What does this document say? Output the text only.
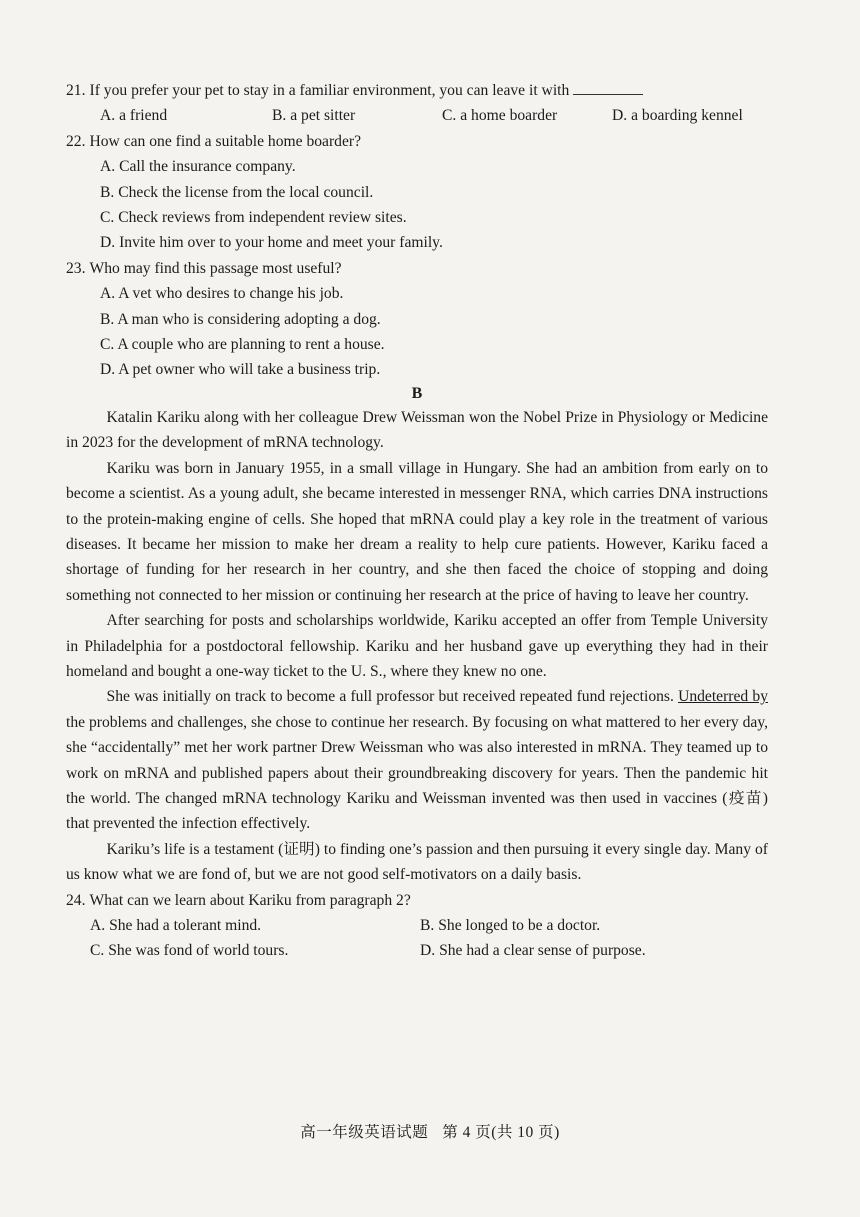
21. If you prefer your pet to stay in a familiar environment, you can leave it with

A. a friend	B. a pet sitter	C. a home boarder	D. a boarding kennel

22. How can one find a suitable home boarder?

A. Call the insurance company.
B. Check the license from the local council.
C. Check reviews from independent review sites.
D. Invite him over to your home and meet your family.

23. Who may find this passage most useful?

A. A vet who desires to change his job.
B. A man who is considering adopting a dog.
C. A couple who are planning to rent a house.
D. A pet owner who will take a business trip.

B

Katalin Kariku along with her colleague Drew Weissman won the Nobel Prize in Physiology or Medicine in 2023 for the development of mRNA technology.

Kariku was born in January 1955, in a small village in Hungary. She had an ambition from early on to become a scientist. As a young adult, she became interested in messenger RNA, which carries DNA instructions to the protein-making engine of cells. She hoped that mRNA could play a key role in the treatment of various diseases. It became her mission to make her dream a reality to help cure patients. However, Kariku faced a shortage of funding for her research in her country, and she then faced the choice of stopping and doing something not connected to her mission or continuing her research at the price of having to leave her country.

After searching for posts and scholarships worldwide, Kariku accepted an offer from Temple University in Philadelphia for a postdoctoral fellowship. Kariku and her husband gave up everything they had in their homeland and bought a one-way ticket to the U. S., where they knew no one.

She was initially on track to become a full professor but received repeated fund rejections. Undeterred by the problems and challenges, she chose to continue her research. By focusing on what mattered to her every day, she “accidentally” met her work partner Drew Weissman who was also interested in mRNA. They teamed up to work on mRNA and published papers about their groundbreaking discovery for years. Then the pandemic hit the world. The changed mRNA technology Kariku and Weissman invented was then used in vaccines (疫苗) that prevented the infection effectively.

Kariku’s life is a testament (证明) to finding one’s passion and then pursuing it every single day. Many of us know what we are fond of, but we are not good self-motivators on a daily basis.

24. What can we learn about Kariku from paragraph 2?

A. She had a tolerant mind.	B. She longed to be a doctor.
C. She was fond of world tours.	D. She had a clear sense of purpose.
高一年级英语试题 第 4 页(共 10 页)
